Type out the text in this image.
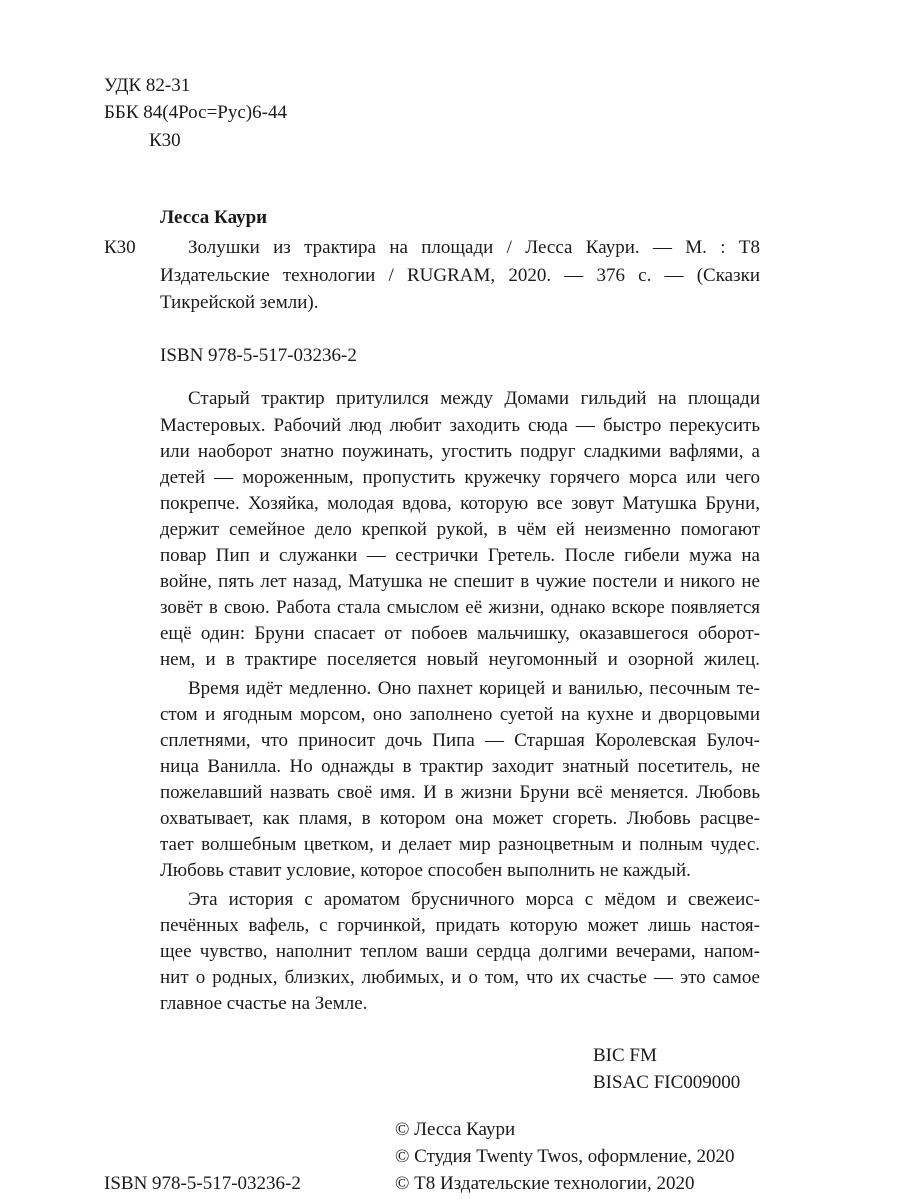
УДК 82-31
ББК 84(4Рос=Рус)6-44
К30
Лесса Каури
К30	Золушки из трактира на площади / Лесса Каури. — М. : Т8
Издательские технологии / RUGRAM, 2020. — 376 с. — (Сказки
Тикрейской земли).
ISBN 978-5-517-03236-2
Старый трактир притулился между Домами гильдий на площади
Мастеровых. Рабочий люд любит заходить сюда — быстро перекусить
или наоборот знатно поужинать, угостить подруг сладкими вафлями, а
детей — мороженным, пропустить кружечку горячего морса или чего
покрепче. Хозяйка, молодая вдова, которую все зовут Матушка Бруни,
держит семейное дело крепкой рукой, в чём ей неизменно помогают
повар Пип и служанки — сестрички Гретель. После гибели мужа на
войне, пять лет назад, Матушка не спешит в чужие постели и никого не
зовёт в свою. Работа стала смыслом её жизни, однако вскоре появляется
ещё один: Бруни спасает от побоев мальчишку, оказавшегося оборот-
нем, и в трактире поселяется новый неугомонный и озорной жилец.
Время идёт медленно. Оно пахнет корицей и ванилью, песочным те-
стом и ягодным морсом, оно заполнено суетой на кухне и дворцовыми
сплетнями, что приносит дочь Пипа — Старшая Королевская Булоч-
ница Ванилла. Но однажды в трактир заходит знатный посетитель, не
пожелавший назвать своё имя. И в жизни Бруни всё меняется. Любовь
охватывает, как пламя, в котором она может сгореть. Любовь расцве-
тает волшебным цветком, и делает мир разноцветным и полным чудес.
Любовь ставит условие, которое способен выполнить не каждый.
Эта история с ароматом брусничного морса с мёдом и свежеис-
печённых вафель, с горчинкой, придать которую может лишь настоя-
щее чувство, наполнит теплом ваши сердца долгими вечерами, напом-
нит о родных, близких, любимых, и о том, что их счастье — это самое
главное счастье на Земле.
BIC FM
BISAC FIC009000
© Лесса Каури
© Студия Twenty Twos, оформление, 2020
ISBN 978-5-517-03236-2	© Т8 Издательские технологии, 2020
